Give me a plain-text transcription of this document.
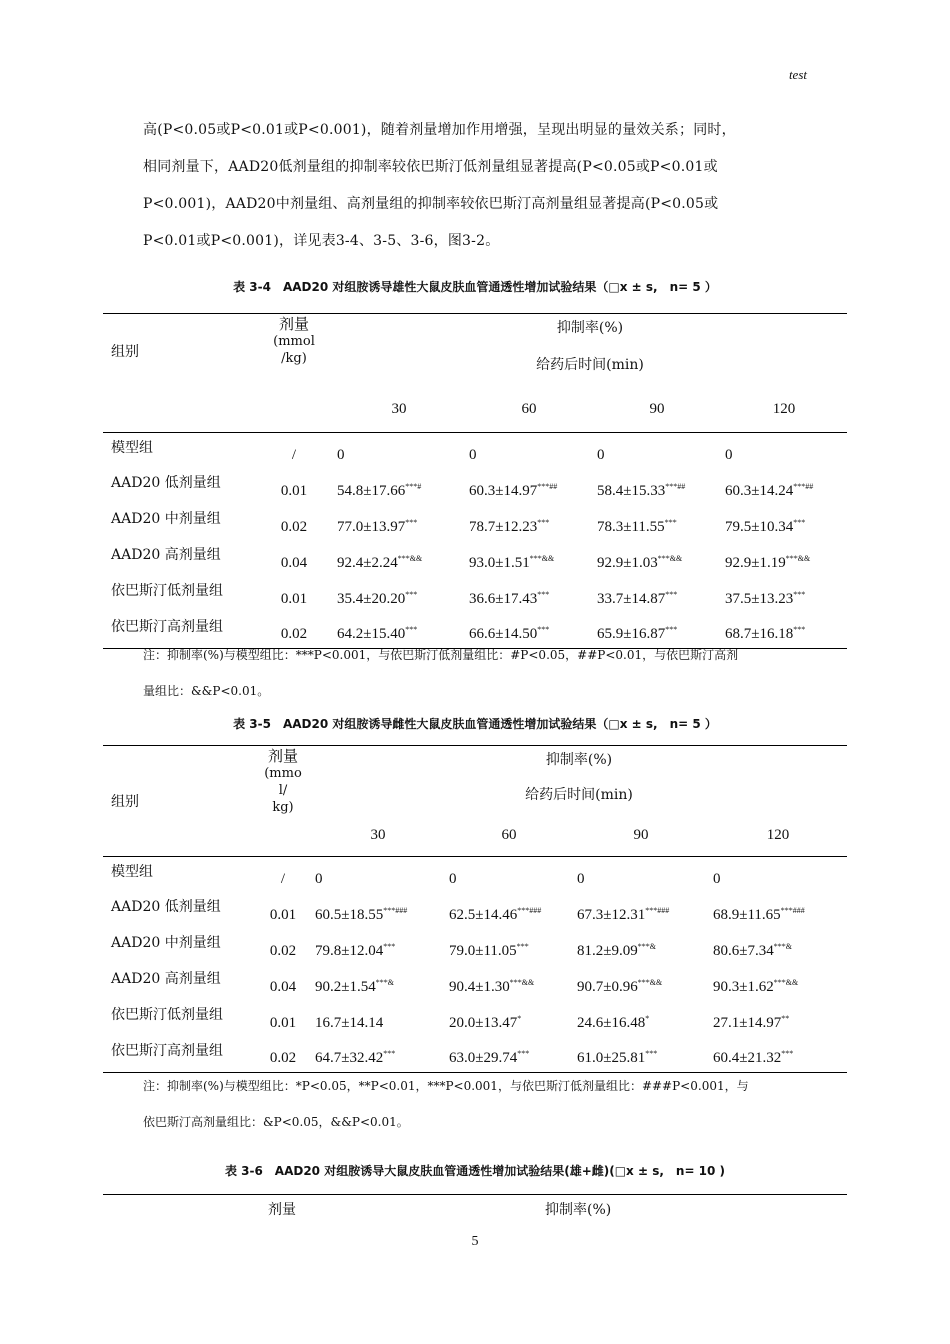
test

高(P<0.05或P<0.01或P<0.001)，随着剂量增加作用增强，呈现出明显的量效关系；同时，

相同剂量下，AAD20低剂量组的抑制率较依巴斯汀低剂量组显著提高(P<0.05或P<0.01或

P<0.001)，AAD20中剂量组、高剂量组的抑制率较依巴斯汀高剂量组显著提高(P<0.05或

P<0.01或P<0.001)，详见表3-4、3-5、3-6，图3-2。

表 3-4　AAD20 对组胺诱导雄性大鼠皮肤血管通透性增加试验结果（□x ± s,　n= 5 ）
组别	剂量
(mmol
/kg)	抑制率(%)			
		给药后时间(min)			
		30	60	90	120
模型组	/	0	0	0	0
AAD20 低剂量组	0.01	54.8±17.66***#	60.3±14.97***##	58.4±15.33***##	60.3±14.24***##
AAD20 中剂量组	0.02	77.0±13.97***	78.7±12.23***	78.3±11.55***	79.5±10.34***
AAD20 高剂量组	0.04	92.4±2.24***&&	93.0±1.51***&&	92.9±1.03***&&	92.9±1.19***&&
依巴斯汀低剂量组	0.01	35.4±20.20***	36.6±17.43***	33.7±14.87***	37.5±13.23***
依巴斯汀高剂量组	0.02	64.2±15.40***	66.6±14.50***	65.9±16.87***	68.7±16.18***
注：抑制率(%)与模型组比：***P<0.001，与依巴斯汀低剂量组比：#P<0.05，##P<0.01，与依巴斯汀高剂
量组比：&&P<0.01。
表 3-5　AAD20 对组胺诱导雌性大鼠皮肤血管通透性增加试验结果（□x ± s,　n= 5 ）
组别	剂量
(mmo
l/
kg)	抑制率(%)			
		给药后时间(min)			
		30	60	90	120
模型组	/	0	0	0	0
AAD20 低剂量组	0.01	60.5±18.55***###	62.5±14.46***###	67.3±12.31***###	68.9±11.65***###
AAD20 中剂量组	0.02	79.8±12.04***	79.0±11.05***	81.2±9.09***&	80.6±7.34***&
AAD20 高剂量组	0.04	90.2±1.54***&	90.4±1.30***&&	90.7±0.96***&&	90.3±1.62***&&
依巴斯汀低剂量组	0.01	16.7±14.14	20.0±13.47*	24.6±16.48*	27.1±14.97**
依巴斯汀高剂量组	0.02	64.7±32.42***	63.0±29.74***	61.0±25.81***	60.4±21.32***
注：抑制率(%)与模型组比：*P<0.05，**P<0.01，***P<0.001，与依巴斯汀低剂量组比：###P<0.001，与
依巴斯汀高剂量组比：&P<0.05，&&P<0.01。
表 3-6　AAD20 对组胺诱导大鼠皮肤血管通透性增加试验结果(雄+雌)(□x ± s,　n= 10 )
剂量	抑制率(%)
5
